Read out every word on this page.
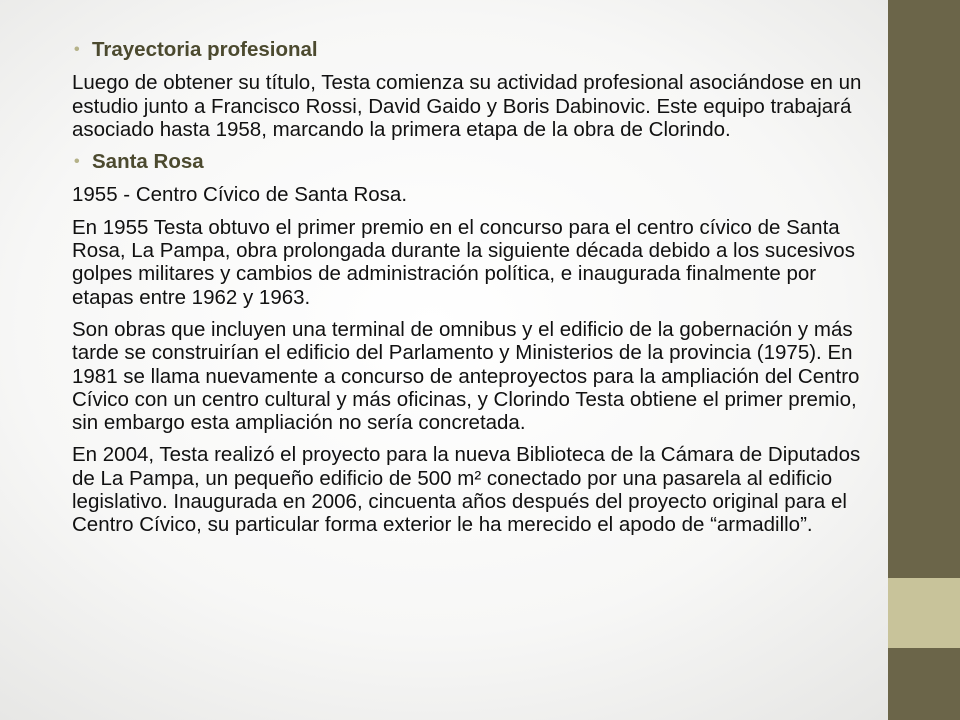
• Trayectoria profesional

Luego de obtener su título, Testa comienza su actividad profesional asociándose en un estudio junto a Francisco Rossi, David Gaido y Boris Dabinovic. Este equipo trabajará asociado hasta 1958, marcando la primera etapa de la obra de Clorindo.

• Santa Rosa

1955 - Centro Cívico de Santa Rosa.

En 1955 Testa obtuvo el primer premio en el concurso para el centro cívico de Santa Rosa, La Pampa, obra prolongada durante la siguiente década debido a los sucesivos golpes militares y cambios de administración política, e inaugurada finalmente por etapas entre 1962 y 1963.

Son obras que incluyen una terminal de omnibus y el edificio de la gobernación y más tarde se construirían el edificio del Parlamento y Ministerios de la provincia (1975). En 1981 se llama nuevamente a concurso de anteproyectos para la ampliación del Centro Cívico con un centro cultural y más oficinas, y Clorindo Testa obtiene el primer premio, sin embargo esta ampliación no sería concretada.

En 2004, Testa realizó el proyecto para la nueva Biblioteca de la Cámara de Diputados de La Pampa, un pequeño edificio de 500 m² conectado por una pasarela al edificio legislativo. Inaugurada en 2006, cincuenta años después del proyecto original para el Centro Cívico, su particular forma exterior le ha merecido el apodo de “armadillo”.
